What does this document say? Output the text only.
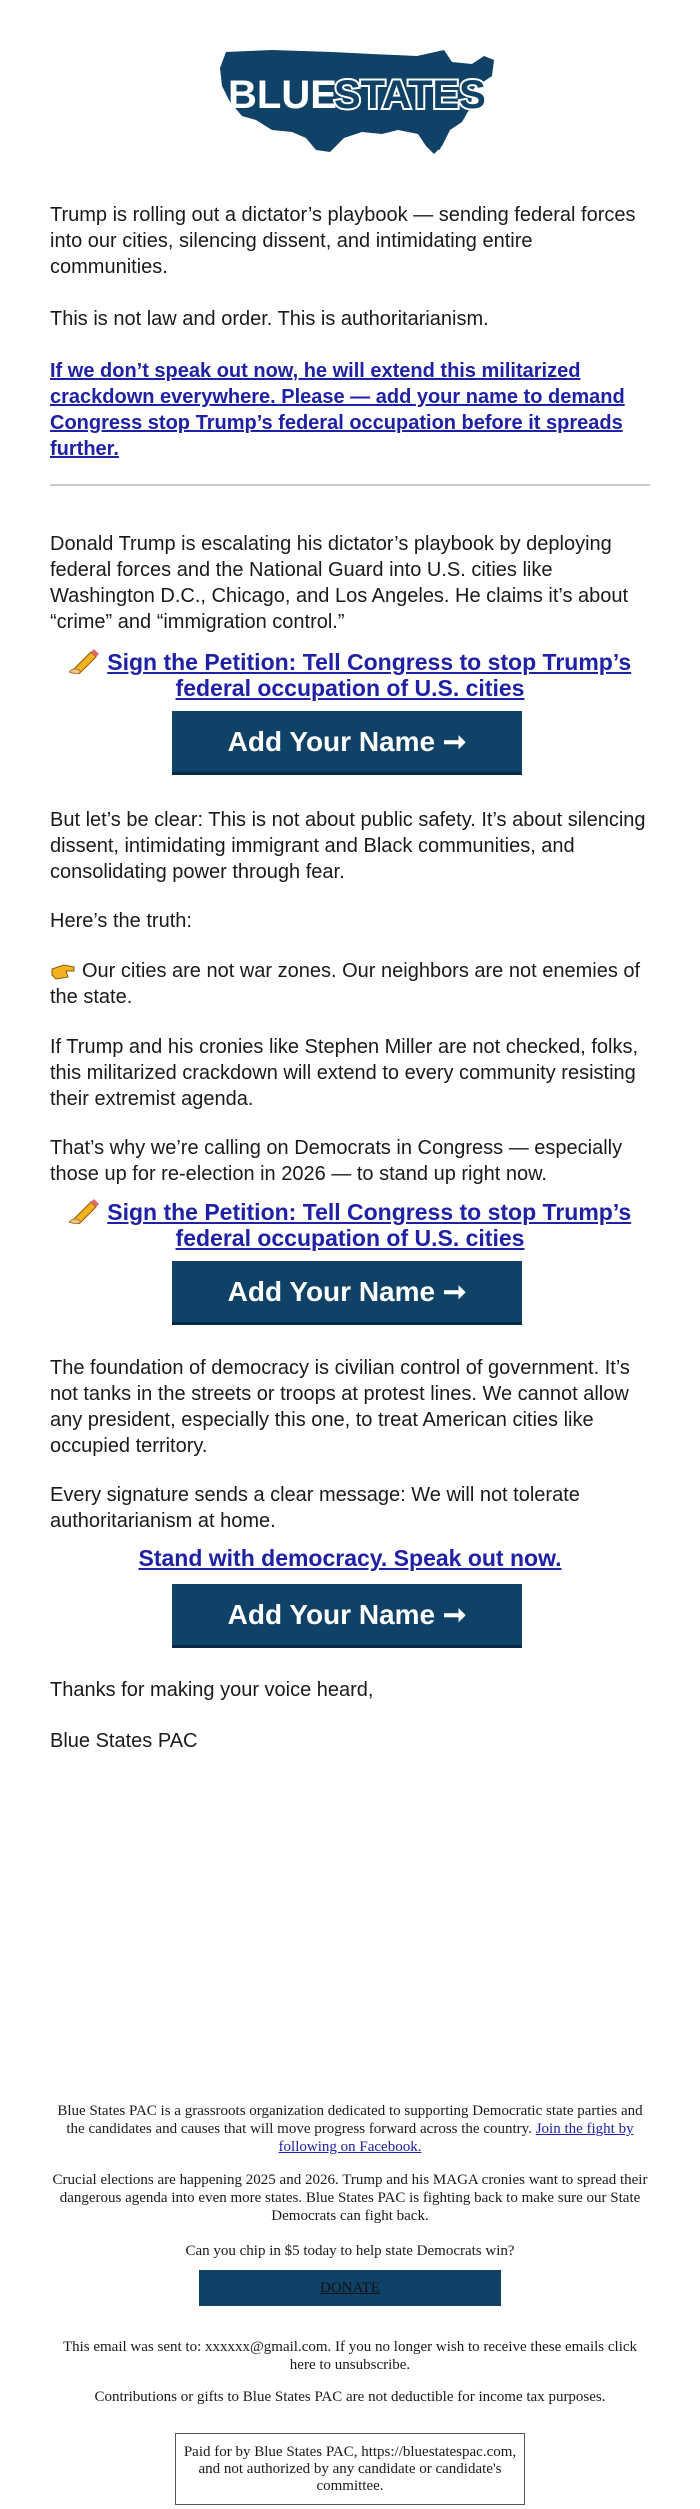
BLUE
STATES

Trump is rolling out a dictator’s playbook — sending federal forces into our cities, silencing dissent, and intimidating entire communities.

This is not law and order. This is authoritarianism.

If we don’t speak out now, he will extend this militarized crackdown everywhere. Please — add your name to demand Congress stop Trump’s federal occupation before it spreads further.

Donald Trump is escalating his dictator’s playbook by deploying federal forces and the National Guard into U.S. cities like Washington D.C., Chicago, and Los Angeles. He claims it’s about “crime” and “immigration control.”

Sign the Petition: Tell Congress to stop Trump’s federal occupation of U.S. cities

Add Your Name ➞

But let’s be clear: This is not about public safety. It’s about silencing dissent, intimidating immigrant and Black communities, and consolidating power through fear.

Here’s the truth:

Our cities are not war zones. Our neighbors are not enemies of the state.

If Trump and his cronies like Stephen Miller are not checked, folks, this militarized crackdown will extend to every community resisting their extremist agenda.

That’s why we’re calling on Democrats in Congress — especially those up for re-election in 2026 — to stand up right now.

Sign the Petition: Tell Congress to stop Trump’s federal occupation of U.S. cities

Add Your Name ➞

The foundation of democracy is civilian control of government. It’s not tanks in the streets or troops at protest lines. We cannot allow any president, especially this one, to treat American cities like occupied territory.

Every signature sends a clear message: We will not tolerate authoritarianism at home.

Stand with democracy. Speak out now.

Add Your Name ➞

Thanks for making your voice heard,

Blue States PAC

Blue States PAC is a grassroots organization dedicated to supporting Democratic state parties and the candidates and causes that will move progress forward across the country. Join the fight by following on Facebook.

Crucial elections are happening 2025 and 2026. Trump and his MAGA cronies want to spread their dangerous agenda into even more states. Blue States PAC is fighting back to make sure our State Democrats can fight back.

Can you chip in $5 today to help state Democrats win?

DONATE

This email was sent to: xxxxxx@gmail.com. If you no longer wish to receive these emails click here to unsubscribe.

Contributions or gifts to Blue States PAC are not deductible for income tax purposes.

Paid for by Blue States PAC, https://bluestatespac.com, and not authorized by any candidate or candidate's committee.
